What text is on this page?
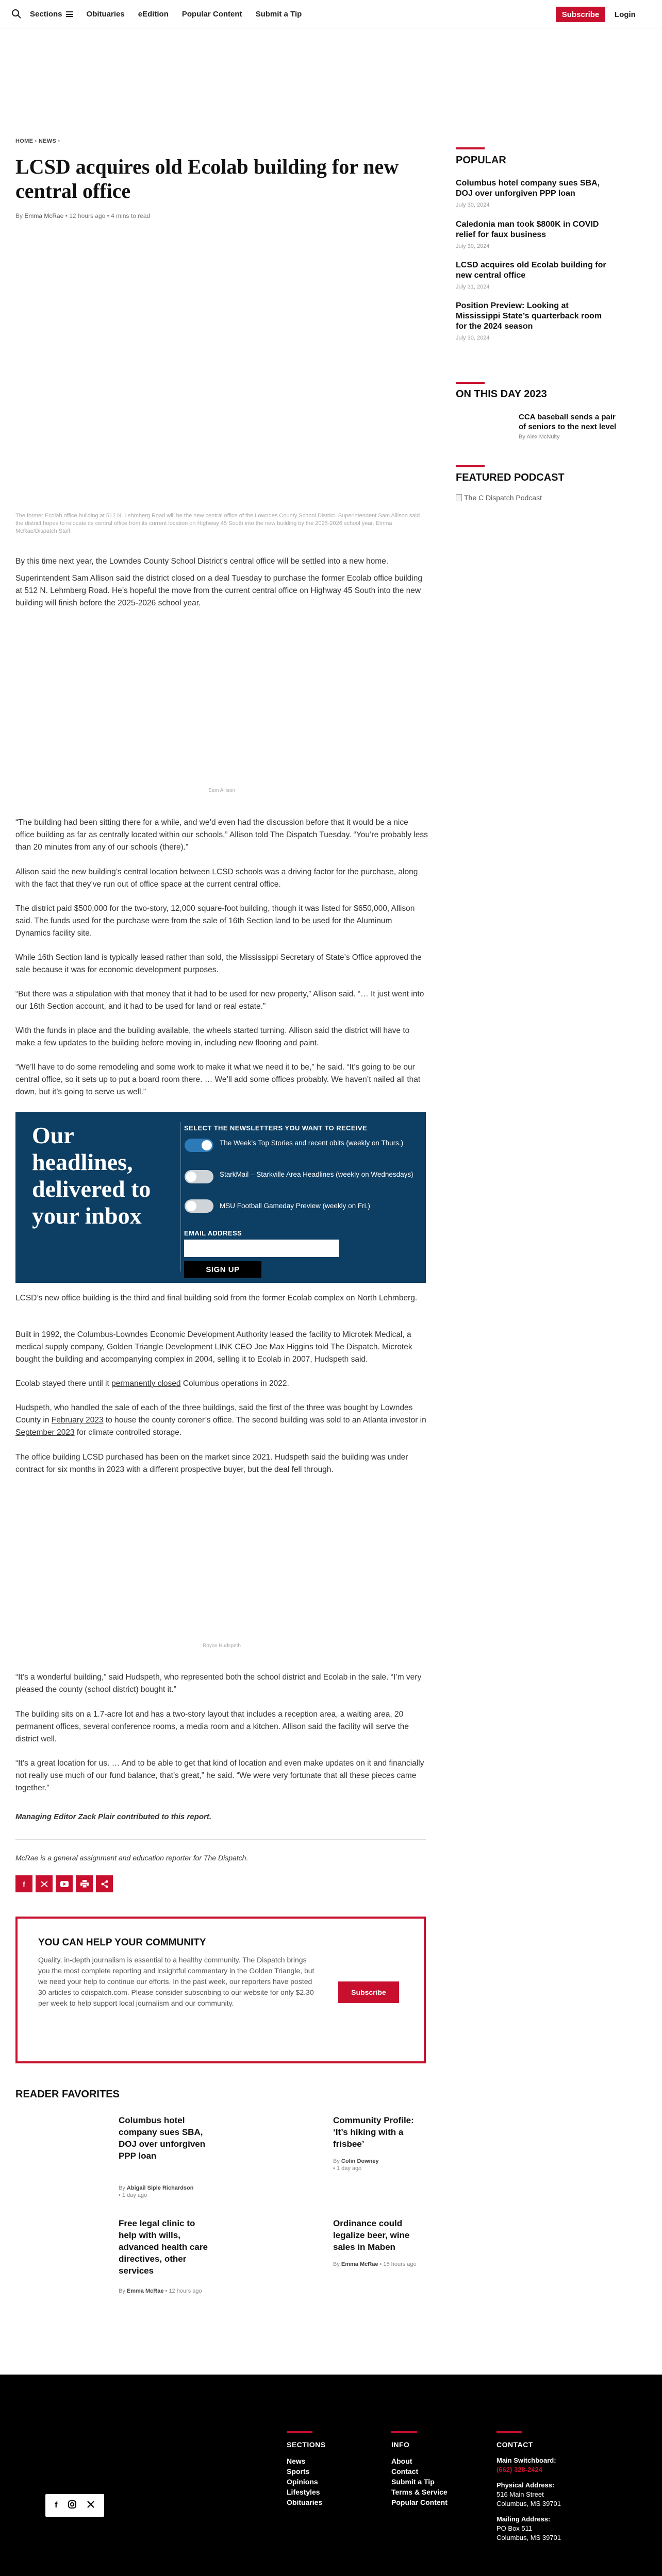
Sections	Obituaries eEdition Popular Content Submit a Tip	Subscribe	Login
HOME › NEWS ›
LCSD acquires old Ecolab building for new central office
By Emma McRae • 12 hours ago • 4 mins to read
The former Ecolab office building at 512 N. Lehmberg Road will be the new central office of the Lowndes County School District. Superintendent Sam Allison said the district hopes to relocate its central office from its current location on Highway 45 South into the new building by the 2025-2026 school year. Emma McRae/Dispatch Staff

By this time next year, the Lowndes County School District’s central office will be settled into a new home.

Superintendent Sam Allison said the district closed on a deal Tuesday to purchase the former Ecolab office building at 512 N. Lehmberg Road. He’s hopeful the move from the current central office on Highway 45 South into the new building will finish before the 2025-2026 school year.

Sam Allison

“The building had been sitting there for a while, and we’d even had the discussion before that it would be a nice office building as far as centrally located within our schools,” Allison told The Dispatch Tuesday. “You’re probably less than 20 minutes from any of our schools (there).”

Allison said the new building’s central location between LCSD schools was a driving factor for the purchase, along with the fact that they’ve run out of office space at the current central office.

The district paid $500,000 for the two-story, 12,000 square-foot building, though it was listed for $650,000, Allison said. The funds used for the purchase were from the sale of 16th Section land to be used for the Aluminum Dynamics facility site.

While 16th Section land is typically leased rather than sold, the Mississippi Secretary of State’s Office approved the sale because it was for economic development purposes.

“But there was a stipulation with that money that it had to be used for new property,” Allison said. “… It just went into our 16th Section account, and it had to be used for land or real estate.”

With the funds in place and the building available, the wheels started turning. Allison said the district will have to make a few updates to the building before moving in, including new flooring and paint.

“We’ll have to do some remodeling and some work to make it what we need it to be,” he said. “It’s going to be our central office, so it sets up to put a board room there. … We’ll add some offices probably. We haven’t nailed all that down, but it’s going to serve us well.”

Our headlines, delivered to your inbox
SELECT THE NEWSLETTERS YOU WANT TO RECEIVE
The Week’s Top Stories and recent obits (weekly on Thurs.)
StarkMail – Starkville Area Headlines (weekly on Wednesdays)
MSU Football Gameday Preview (weekly on Fri.)
EMAIL ADDRESS
SIGN UP

LCSD’s new office building is the third and final building sold from the former Ecolab complex on North Lehmberg.

Built in 1992, the Columbus-Lowndes Economic Development Authority leased the facility to Microtek Medical, a medical supply company, Golden Triangle Development LINK CEO Joe Max Higgins told The Dispatch. Microtek bought the building and accompanying complex in 2004, selling it to Ecolab in 2007, Hudspeth said.

Ecolab stayed there until it permanently closed Columbus operations in 2022.

Hudspeth, who handled the sale of each of the three buildings, said the first of the three was bought by Lowndes County in February 2023 to house the county coroner’s office. The second building was sold to an Atlanta investor in September 2023 for climate controlled storage.

The office building LCSD purchased has been on the market since 2021. Hudspeth said the building was under contract for six months in 2023 with a different prospective buyer, but the deal fell through.

Royce Hudspeth

“It’s a wonderful building,” said Hudspeth, who represented both the school district and Ecolab in the sale. “I’m very pleased the county (school district) bought it.”

The building sits on a 1.7-acre lot and has a two-story layout that includes a reception area, a waiting area, 20 permanent offices, several conference rooms, a media room and a kitchen. Allison said the facility will serve the district well.

“It’s a great location for us. … And to be able to get that kind of location and even make updates on it and financially not really use much of our fund balance, that’s great,” he said. “We were very fortunate that all these pieces came together.”

Managing Editor Zack Plair contributed to this report.
McRae is a general assignment and education reporter for The Dispatch.
f
YOU CAN HELP YOUR COMMUNITY
Quality, in-depth journalism is essential to a healthy community. The Dispatch brings you the most complete reporting and insightful commentary in the Golden Triangle, but we need your help to continue our efforts. In the past week, our reporters have posted 30 articles to cdispatch.com. Please consider subscribing to our website for only $2.30 per week to help support local journalism and our community.
Subscribe
READER FAVORITES
Columbus hotel company sues SBA, DOJ over unforgiven PPP loan
By Abigail Siple Richardson
• 1 day ago
Community Profile: ‘It’s hiking with a frisbee’
By Colin Downey
• 1 day ago
Free legal clinic to help with wills, advanced health care directives, other services
By Emma McRae • 12 hours ago
Ordinance could legalize beer, wine sales in Maben
By Emma McRae • 15 hours ago
POPULAR
Columbus hotel company sues SBA, DOJ over unforgiven PPP loan
July 30, 2024
Caledonia man took $800K in COVID relief for faux business
July 30, 2024
LCSD acquires old Ecolab building for new central office
July 31, 2024
Position Preview: Looking at Mississippi State’s quarterback room for the 2024 season
July 30, 2024
ON THIS DAY 2023
CCA baseball sends a pair of seniors to the next level
By Alex McNulty
FEATURED PODCAST
The C Dispatch Podcast
f
SECTIONS
News
Sports
Opinions
Lifestyles
Obituaries
INFO
About
Contact
Submit a Tip
Terms & Service
Popular Content
CONTACT
Main Switchboard:
(662) 328-2424
Physical Address:
516 Main Street
Columbus, MS 39701
Mailing Address:
PO Box 511
Columbus, MS 39701
